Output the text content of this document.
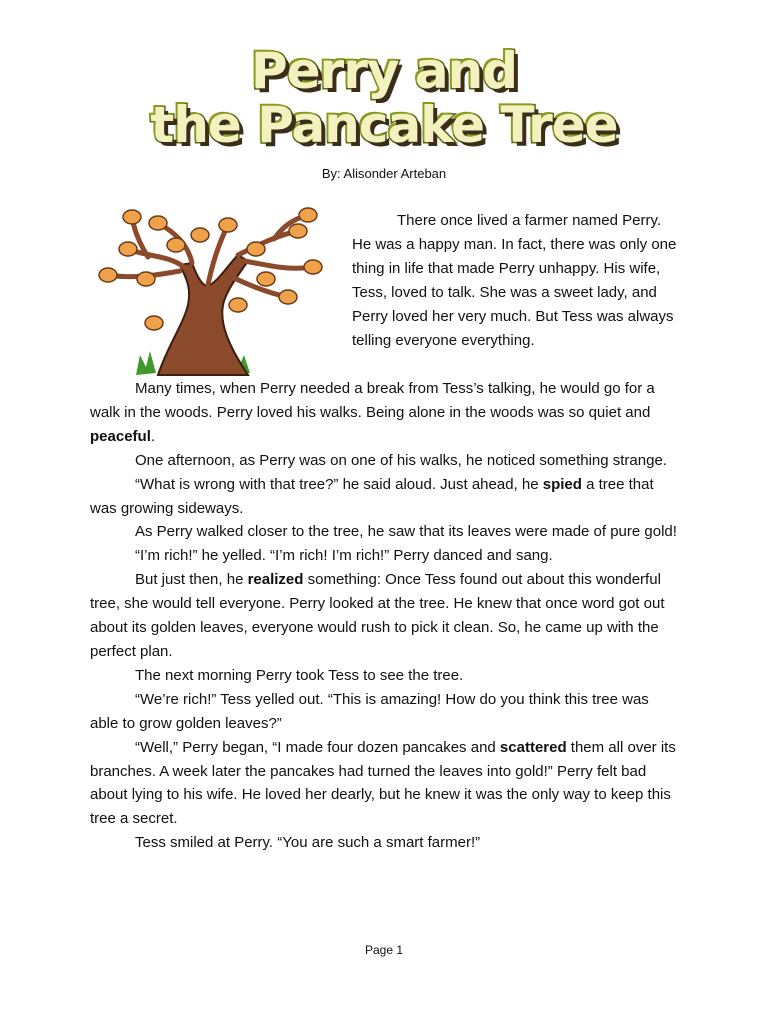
Perry and
the Pancake Tree
By: Alisonder Arteban

There once lived a farmer named Perry. He was a happy man. In fact, there was only one thing in life that made Perry unhappy. His wife, Tess, loved to talk. She was a sweet lady, and Perry loved her very much. But Tess was always telling everyone everything.

Many times, when Perry needed a break from Tess’s talking, he would go for a walk in the woods. Perry loved his walks. Being alone in the woods was so quiet and peaceful.

One afternoon, as Perry was on one of his walks, he noticed something strange.

“What is wrong with that tree?” he said aloud. Just ahead, he spied a tree that was growing sideways.

As Perry walked closer to the tree, he saw that its leaves were made of pure gold!

“I’m rich!” he yelled. “I’m rich! I’m rich!” Perry danced and sang.

But just then, he realized something: Once Tess found out about this wonderful tree, she would tell everyone. Perry looked at the tree. He knew that once word got out about its golden leaves, everyone would rush to pick it clean. So, he came up with the perfect plan.

The next morning Perry took Tess to see the tree.

“We’re rich!” Tess yelled out. “This is amazing! How do you think this tree was able to grow golden leaves?”

“Well,” Perry began, “I made four dozen pancakes and scattered them all over its branches. A week later the pancakes had turned the leaves into gold!” Perry felt bad about lying to his wife. He loved her dearly, but he knew it was the only way to keep this tree a secret.

Tess smiled at Perry. “You are such a smart farmer!”

Page 1
